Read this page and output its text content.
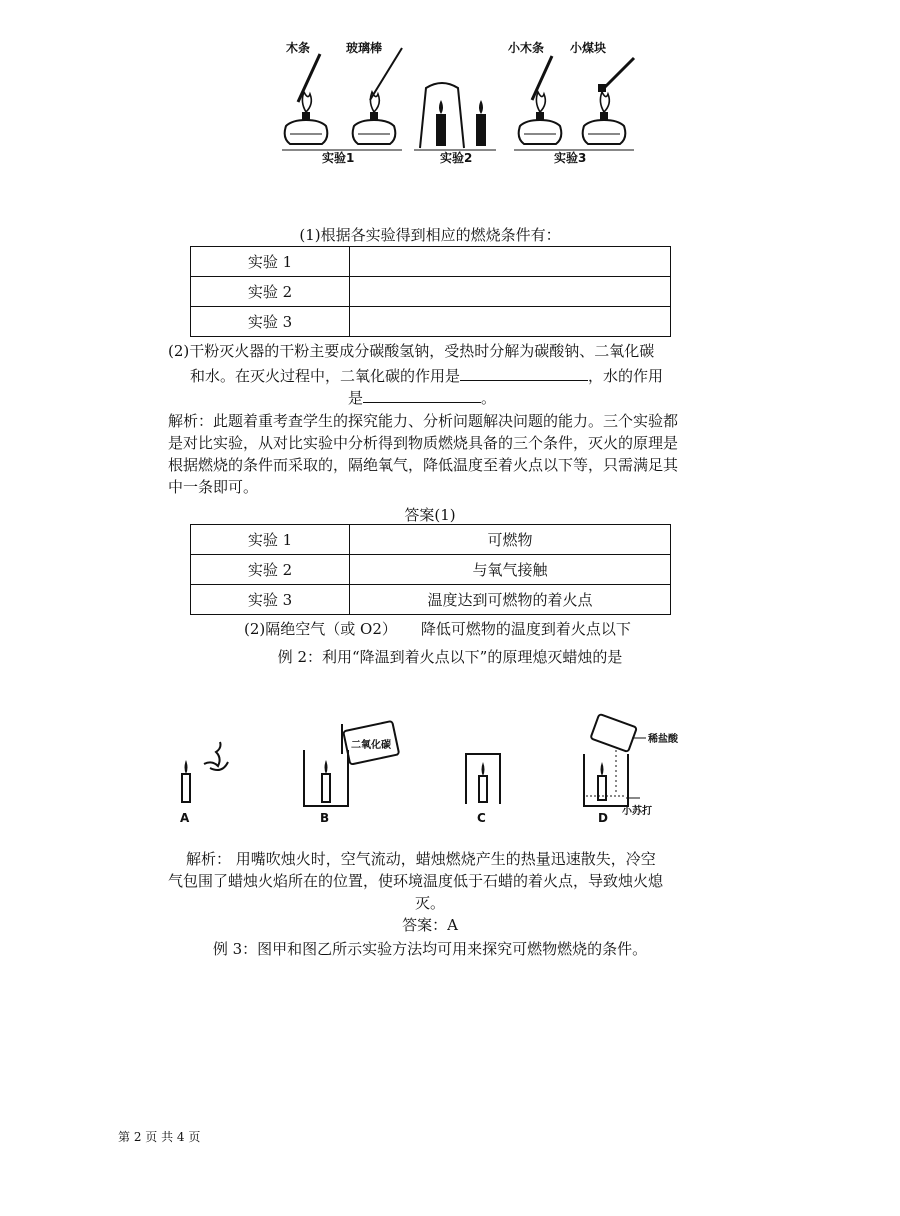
木条	玻璃棒
实验1	实验2
小木条 小煤块
实验3
(1)根据各实验得到相应的燃烧条件有：
实验 1	
实验 2	
实验 3	
(2)干粉灭火器的干粉主要成分碳酸氢钠，受热时分解为碳酸钠、二氧化碳
和水。在灭火过程中，二氧化碳的作用是	，水的作用
是	。
解析：此题着重考查学生的探究能力、分析问题解决问题的能力。三个实验都是对比实验，从对比实验中分析得到物质燃烧具备的三个条件，灭火的原理是根据燃烧的条件而采取的，隔绝氧气，降低温度至着火点以下等，只需满足其中一条即可。
答案(1)
实验 1	可燃物
实验 2	与氧气接触
实验 3	温度达到可燃物的着火点
(2)隔绝空气（或 O2） 降低可燃物的温度到着火点以下
例 2：利用“降温到着火点以下”的原理熄灭蜡烛的是
A
二氧化碳
B	C
稀盐酸
小苏打
D
解析： 用嘴吹烛火时，空气流动，蜡烛燃烧产生的热量迅速散失，冷空
气包围了蜡烛火焰所在的位置，使环境温度低于石蜡的着火点，导致烛火熄
灭。
答案：A
例 3：图甲和图乙所示实验方法均可用来探究可燃物燃烧的条件。
第 2 页 共 4 页
